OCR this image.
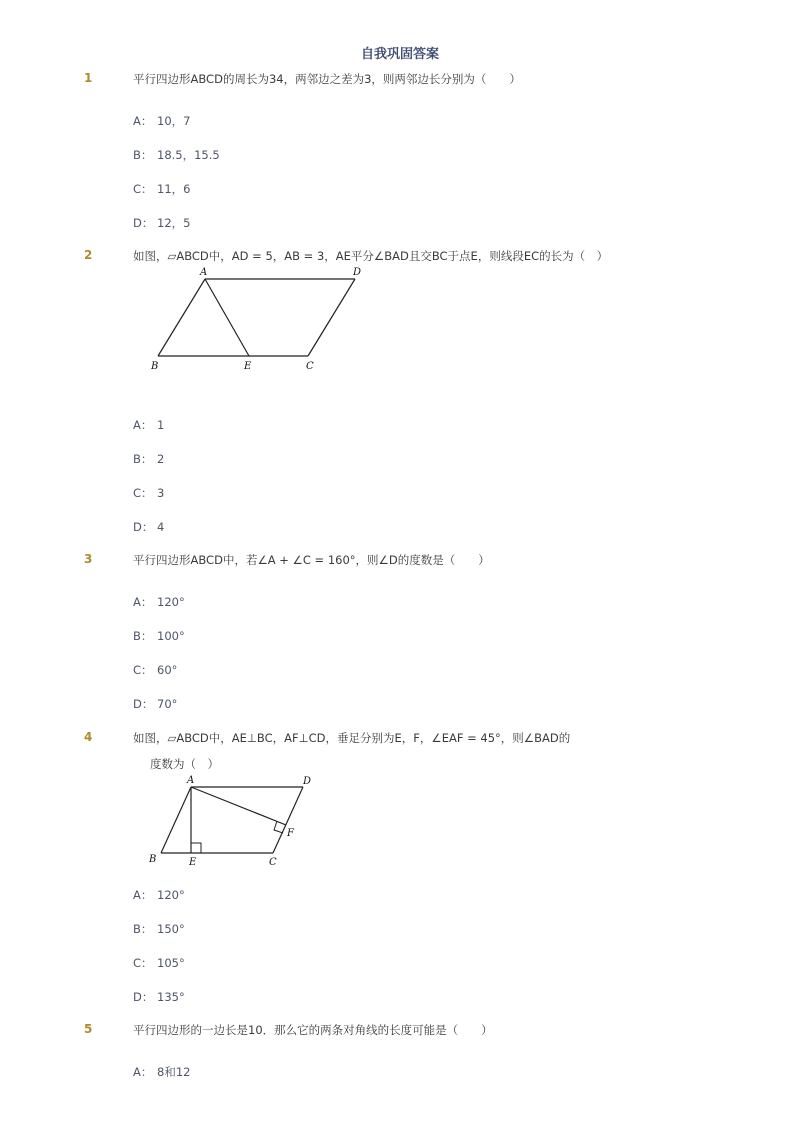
自我巩固答案
1	平行四边形ABCD的周长为34，两邻边之差为3，则两邻边长分别为（　　）
A： 10，7
B： 18.5，15.5
C： 11，6
D： 12，5
2	如图，▱ABCD中，AD = 5，AB = 3，AE平分∠BAD且交BC于点E，则线段EC的长为（　）
A	D
B	E	C
A： 1
B： 2
C： 3
D： 4
3	平行四边形ABCD中，若∠A + ∠C = 160°，则∠D的度数是（　　）
A： 120°
B： 100°
C： 60°
D： 70°
4	如图，▱ABCD中，AE⊥BC，AF⊥CD，垂足分别为E，F，∠EAF = 45°，则∠BAD的
度数为（　）
A	D
B	E	C
F
A： 120°
B： 150°
C： 105°
D： 135°
5	平行四边形的一边长是10．那么它的两条对角线的长度可能是（　　）
A： 8和12
